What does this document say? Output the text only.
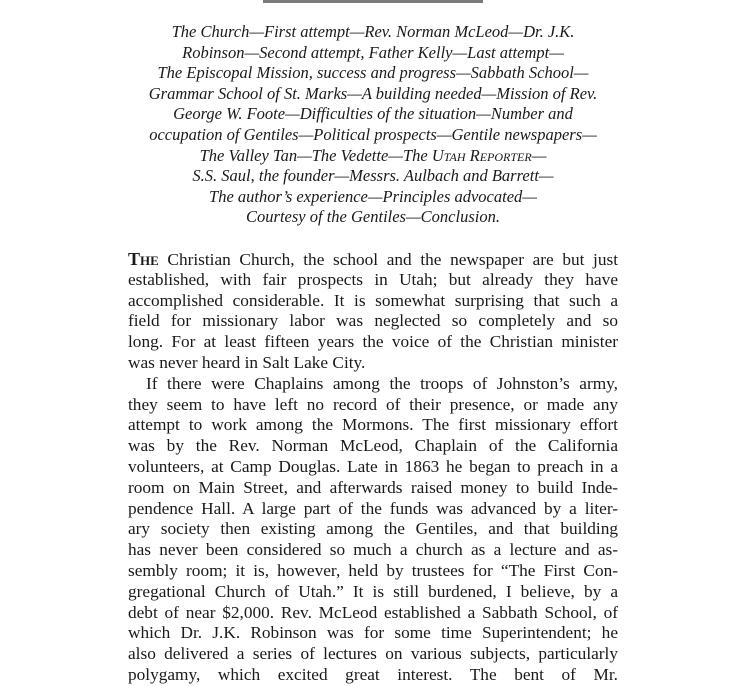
The Church—First attempt—Rev. Norman McLeod—Dr. J.K.
Robinson—Second attempt, Father Kelly—Last attempt—
The Episcopal Mission, success and progress—Sabbath School—
Grammar School of St. Marks—A building needed—Mission of Rev.
George W. Foote—Difficulties of the situation—Number and
occupation of Gentiles—Political prospects—Gentile newspapers—
The Valley Tan—The Vedette—The Utah Reporter—
S.S. Saul, the founder—Messrs. Aulbach and Barrett—
The author’s experience—Principles advocated—
Courtesy of the Gentiles—Conclusion.
The Christian Church, the school and the newspaper are but just
established, with fair prospects in Utah; but already they have
accomplished considerable. It is somewhat surprising that such a
field for missionary labor was neglected so completely and so
long. For at least fifteen years the voice of the Christian minister
was never heard in Salt Lake City.
If there were Chaplains among the troops of Johnston’s army,
they seem to have left no record of their presence, or made any
attempt to work among the Mormons. The first missionary effort
was by the Rev. Norman McLeod, Chaplain of the California
volunteers, at Camp Douglas. Late in 1863 he began to preach in a
room on Main Street, and afterwards raised money to build Inde-
pendence Hall. A large part of the funds was advanced by a liter-
ary society then existing among the Gentiles, and that building
has never been considered so much a church as a lecture and as-
sembly room; it is, however, held by trustees for “The First Con-
gregational Church of Utah.” It is still burdened, I believe, by a
debt of near $2,000. Rev. McLeod established a Sabbath School, of
which Dr. J.K. Robinson was for some time Superintendent; he
also delivered a series of lectures on various subjects, particularly
polygamy, which excited great interest. The bent of Mr.
